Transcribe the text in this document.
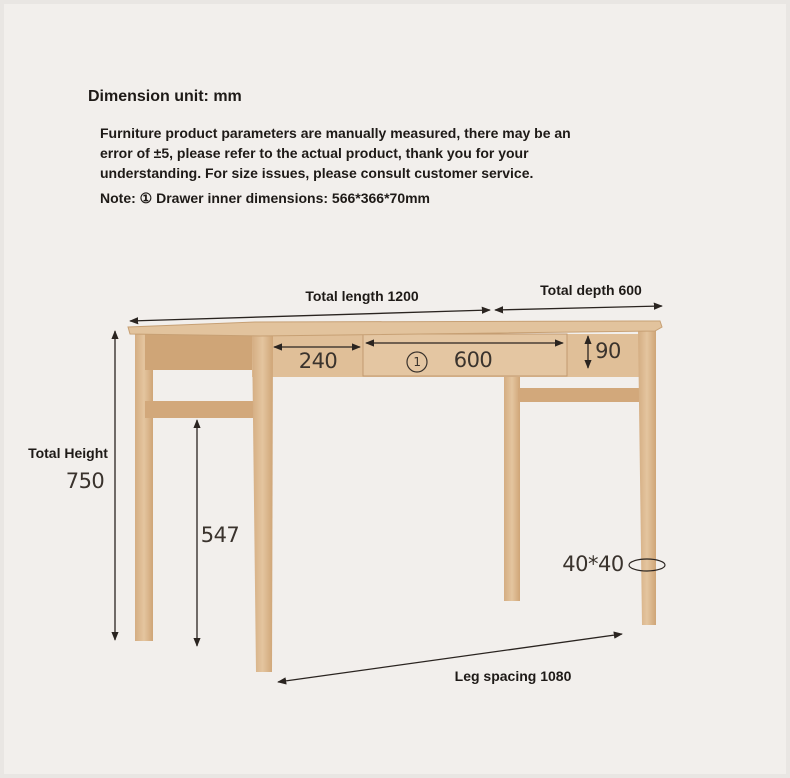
Dimension unit: mm
Furniture product parameters are manually measured, there may be an error of ±5, please refer to the actual product, thank you for your understanding. For size issues, please consult customer service.
Note: ① Drawer inner dimensions: 566*366*70mm
Total length 1200	Total depth 600
240	1 600	90
Total Height
750
547
40*40
Leg spacing 1080
